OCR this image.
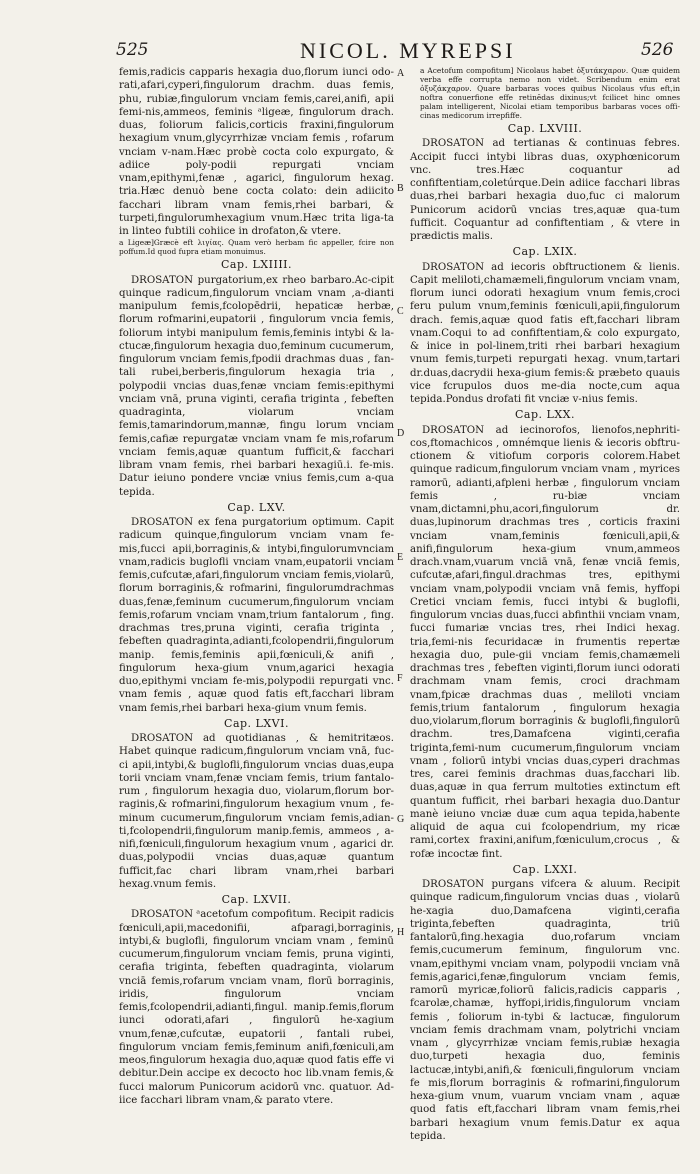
525	NICOL. MYREPSI	526
A
B
C
D
E
F
G
H

femis,radicis capparis hexagia duo,florum iunci odo-rati,afari,cyperi,fingulorum drachm. duas femis, phu, rubiæ,fingulorum vnciam femis,carei,anifi, apii femi-nis,ammeos, feminis ᵃligeæ, fingulorum drach. duas, foliorum falicis,corticis fraxini,fingulorum hexagium vnum,glycyrrhizæ vnciam femis , rofarum vnciam v-nam.Hæc probè cocta colo expurgato, & adiice poly-podii repurgati vnciam vnam,epithymi,fenæ , agarici, fingulorum hexag. tria.Hæc denuò bene cocta colato: dein adiicito facchari libram vnam femis,rhei barbari, & turpeti,fingulorumhexagium vnum.Hæc trita liga-ta in linteo fubtili cohiice in drofaton,& vtere.

a Ligeæ]Græcè eft λιγίας. Quam verò herbam fic appeller, fcire non poffum.Id quod fupra etiam monuimus.

Cap. LXIIII.

DROSATON purgatorium,ex rheo barbaro.Ac-cipit quinque radicum,fingulorum vnciam vnam ,a-dianti manipulum femis,fcolopēdrii, hepaticæ herbæ, florum rofmarini,eupatorii , fingulorum vncia femis, foliorum intybi manipulum femis,feminis intybi & la-ctucæ,fingulorum hexagia duo,feminum cucumerum, fingulorum vnciam femis,fpodii drachmas duas , fan-tali rubei,berberis,fingulorum hexagia tria , polypodii vncias duas,fenæ vnciam femis:epithymi vnciam vnā, pruna viginti, cerafia triginta , febeften quadraginta, violarum vnciam femis,tamarindorum,mannæ, fingu lorum vnciam femis,cafiæ repurgatæ vnciam vnam fe mis,rofarum vnciam femis,aquæ quantum fufficit,& facchari libram vnam femis, rhei barbari hexagiū.i. fe-mis. Datur ieiuno pondere vnciæ vnius femis,cum a-qua tepida.

Cap. LXV.

DROSATON ex fena purgatorium optimum. Capit radicum quinque,fingulorum vnciam vnam fe-mis,fucci apii,borraginis,& intybi,fingulorumvnciam vnam,radicis buglofli vnciam vnam,eupatorii vnciam femis,cufcutæ,afari,fingulorum vnciam femis,violarū, florum borraginis,& rofmarini, fingulorumdrachmas duas,fenæ,feminum cucumerum,fingulorum vnciam femis,rofarum vnciam vnam,trium fantalorum , fing. drachmas tres,pruna viginti, cerafia triginta , febeften quadraginta,adianti,fcolopendrii,fingulorum manip. femis,feminis apii,fœniculi,& anifi , fingulorum hexa-gium vnum,agarici hexagia duo,epithymi vnciam fe-mis,polypodii repurgati vnc. vnam femis , aquæ quod fatis eft,facchari libram vnam femis,rhei barbari hexa-gium vnum femis.

Cap. LXVI.

DROSATON ad quotidianas , & hemitritæos. Habet quinque radicum,fingulorum vnciam vnā, fuc-ci apii,intybi,& buglofli,fingulorum vncias duas,eupa torii vnciam vnam,fenæ vnciam femis, trium fantalo-rum , fingulorum hexagia duo, violarum,florum bor-raginis,& rofmarini,fingulorum hexagium vnum , fe-minum cucumerum,fingulorum vnciam femis,adian-ti,fcolopendrii,fingulorum manip.femis, ammeos , a-nifi,fœniculi,fingulorum hexagium vnum , agarici dr. duas,polypodii vncias duas,aquæ quantum fufficit,fac chari libram vnam,rhei barbari hexag.vnum femis.

Cap. LXVII.

DROSATON ᵃacetofum compofitum. Recipit radicis fœniculi,apii,macedonifii, afparagi,borraginis, intybi,& buglofli, fingulorum vnciam vnam , feminū cucumerum,fingulorum vnciam femis, pruna viginti, cerafia triginta, febeften quadraginta, violarum vnciā femis,rofarum vnciam vnam, florū borraginis, iridis, fingulorum vnciam femis,fcolopendrii,adianti,fingul. manip.femis,florum iunci odorati,afari , fingulorū he-xagium vnum,fenæ,cufcutæ, eupatorii , fantali rubei, fingulorum vnciam femis,feminum anifi,fœniculi,am meos,fingulorum hexagia duo,aquæ quod fatis effe vi debitur.Dein accipe ex decocto hoc lib.vnam femis,& fucci malorum Punicorum acidorū vnc. quatuor. Ad-iice facchari libram vnam,& parato vtere.

a Acetofum compofitum] Nicolaus habet ὀξυτάκχαρον. Quæ quidem verba effe corrupta nemo non videt. Scribendum enim erat ὀξυζάκχαρον. Quare barbaras voces quibus Nicolaus vfus eft,in noftra conuerfione effe retinēdas dixinus;vt fcilicet hinc omnes palam intelligerent, Nicolai etiam temporibus barbaras voces offi-cinas medicorum irrepfiffe.

Cap. LXVIII.

DROSATON ad tertianas & continuas febres. Accipit fucci intybi libras duas, oxyphœnicorum vnc. tres.Hæc coquantur ad confiftentiam,coletúrque.Dein adiice facchari libras duas,rhei barbari hexagia duo,fuc ci malorum Punicorum acidorū vncias tres,aquæ qua-tum fufficit. Coquantur ad confiftentiam , & vtere in prædictis malis.

Cap. LXIX.

DROSATON ad iecoris obftructionem & lienis. Capit meliloti,chamæmeli,fingulorum vnciam vnam, florum iunci odorati hexagium vnum femis,croci feru pulum vnum,feminis fœniculi,apii,fingulorum drach. femis,aquæ quod fatis eft,facchari libram vnam.Coqui to ad confiftentiam,& colo expurgato, & inice in pol-linem,triti rhei barbari hexagium vnum femis,turpeti repurgati hexag. vnum,tartari dr.duas,dacrydii hexa-gium femis:& præbeto quauis vice fcrupulos duos me-dia nocte,cum aqua tepida.Pondus drofati fit vnciæ v-nius femis.

Cap. LXX.

DROSATON ad iecinorofos, lienofos,nephriti-cos,ftomachicos , omnémque lienis & iecoris obftru-ctionem & vitiofum corporis colorem.Habet quinque radicum,fingulorum vnciam vnam , myrices ramorū, adianti,afpleni herbæ , fingulorum vnciam femis , ru-biæ vnciam vnam,dictamni,phu,acori,fingulorum dr. duas,lupinorum drachmas tres , corticis fraxini vnciam vnam,feminis fœniculi,apii,& anifi,fingulorum hexa-gium vnum,ammeos drach.vnam,vuarum vnciā vnā, fenæ vnciā femis, cufcutæ,afari,fingul.drachmas tres, epithymi vnciam vnam,polypodii vnciam vnā femis, hyffopi Cretici vnciam femis, fucci intybi & buglofli, fingulorum vncias duas,fucci abfinthii vnciam vnam, fucci fumariæ vncias tres, rhei Indici hexag. tria,femi-nis fecuridacæ in frumentis repertæ hexagia duo, pule-gii vnciam femis,chamæmeli drachmas tres , febeften viginti,florum iunci odorati drachmam vnam femis, croci drachmam vnam,fpicæ drachmas duas , meliloti vnciam femis,trium fantalorum , fingulorum hexagia duo,violarum,florum borraginis & buglofli,fingulorū drachm. tres,Damafcena viginti,cerafia triginta,femi-num cucumerum,fingulorum vnciam vnam , foliorū intybi vncias duas,cyperi drachmas tres, carei feminis drachmas duas,facchari lib. duas,aquæ in qua ferrum multoties extinctum eft quantum fufficit, rhei barbari hexagia duo.Dantur manè ieiuno vnciæ duæ cum aqua tepida,habente aliquid de aqua cui fcolopendrium, my ricæ rami,cortex fraxini,anifum,fœniculum,crocus , & rofæ incoctæ fint.

Cap. LXXI.

DROSATON purgans vifcera & aluum. Recipit quinque radicum,fingulorum vncias duas , violarū he-xagia duo,Damafcena viginti,cerafia triginta,febeften quadraginta, triū fantalorū,fing.hexagia duo,rofarum vnciam femis,cucumerum feminum, fingulorum vnc. vnam,epithymi vnciam vnam, polypodii vnciam vnā femis,agarici,fenæ,fingulorum vnciam femis, ramorū myricæ,foliorū falicis,radicis capparis , fcarolæ,chamæ, hyffopi,iridis,fingulorum vnciam femis , foliorum in-tybi & lactucæ, fingulorum vnciam femis drachmam vnam, polytrichi vnciam vnam , glycyrrhizæ vnciam femis,rubiæ hexagia duo,turpeti hexagia duo, feminis lactucæ,intybi,anifi,& fœniculi,fingulorum vnciam fe mis,florum borraginis & rofmarini,fingulorum hexa-gium vnum, vuarum vnciam vnam , aquæ quod fatis eft,facchari libram vnam femis,rhei barbari hexagium vnum femis.Datur ex aqua tepida.
